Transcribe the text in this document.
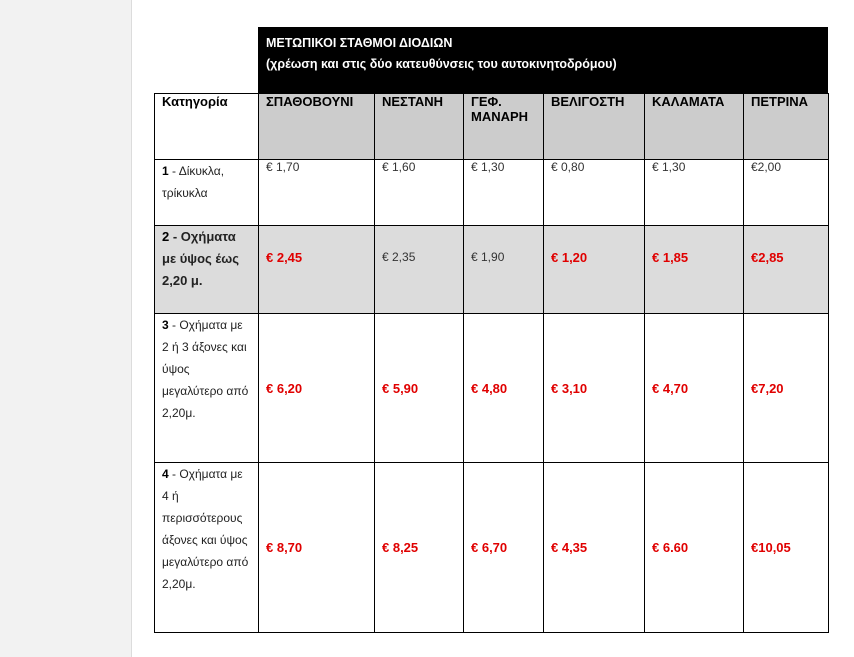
ΜΕΤΩΠΙΚΟΙ ΣΤΑΘΜΟΙ ΔΙΟΔΙΩΝ
(χρέωση και στις δύο κατευθύνσεις του αυτοκινητοδρόμου)
Κατηγορία	ΣΠΑΘΟΒΟΥΝΙ	ΝΕΣΤΑΝΗ	ΓΕΦ. ΜΑΝΑΡΗ	ΒΕΛΙΓΟΣΤΗ	ΚΑΛΑΜΑΤΑ	ΠΕΤΡΙΝΑ

1 - Δίκυκλα, τρίκυκλα	€ 1,70	€ 1,60	€ 1,30	€ 0,80	€ 1,30	€2,00

2 - Οχήματα με ύψος έως 2,20 μ.	€ 2,45	€ 2,35	€ 1,90	€ 1,20	€ 1,85	€2,85

3 - Οχήματα με 2 ή 3 άξονες και ύψος μεγαλύτερο από 2,20μ.	€ 6,20	€ 5,90	€ 4,80	€ 3,10	€ 4,70	€7,20

4 - Οχήματα με 4 ή περισσότερους άξονες και ύψος μεγαλύτερο από 2,20μ.	€ 8,70	€ 8,25	€ 6,70	€ 4,35	€ 6.60	€10,05
